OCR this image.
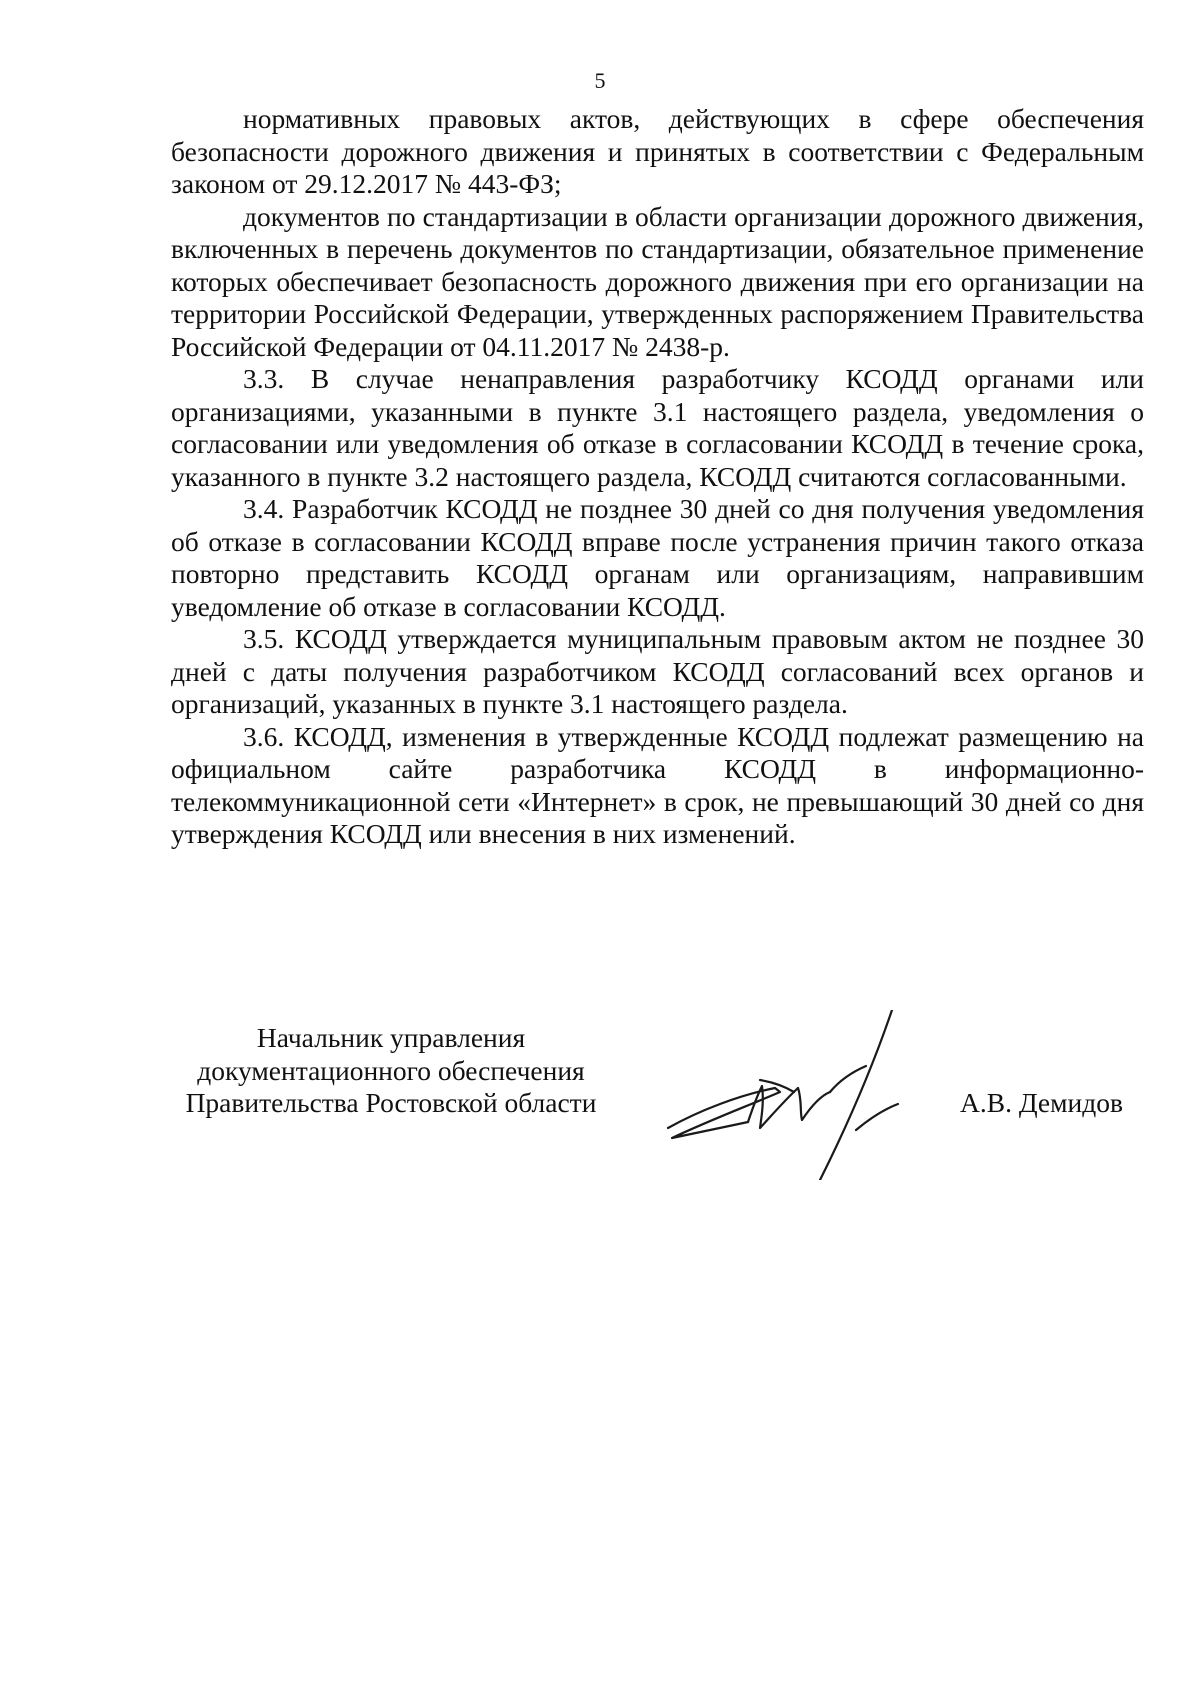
5

нормативных правовых актов, действующих в сфере обеспечения безопасности дорожного движения и принятых в соответствии с Федеральным законом от 29.12.2017 № 443-ФЗ;

документов по стандартизации в области организации дорожного движения, включенных в перечень документов по стандартизации, обязательное применение которых обеспечивает безопасность дорожного движения при его организации на территории Российской Федерации, утвержденных распоряжением Правительства Российской Федерации от 04.11.2017 № 2438-р.

3.3. В случае ненаправления разработчику КСОДД органами или организациями, указанными в пункте 3.1 настоящего раздела, уведомления о согласовании или уведомления об отказе в согласовании КСОДД в течение срока, указанного в пункте 3.2 настоящего раздела, КСОДД считаются согласованными.

3.4. Разработчик КСОДД не позднее 30 дней со дня получения уведомления об отказе в согласовании КСОДД вправе после устранения причин такого отказа повторно представить КСОДД органам или организациям, направившим уведомление об отказе в согласовании КСОДД.

3.5. КСОДД утверждается муниципальным правовым актом не позднее 30 дней с даты получения разработчиком КСОДД согласований всех органов и организаций, указанных в пункте 3.1 настоящего раздела.

3.6. КСОДД, изменения в утвержденные КСОДД подлежат размещению на официальном сайте разработчика КСОДД в информационно-телекоммуникационной сети «Интернет» в срок, не превышающий 30 дней со дня утверждения КСОДД или внесения в них изменений.

Начальник управления
документационного обеспечения
Правительства Ростовской области	А.В. Демидов
